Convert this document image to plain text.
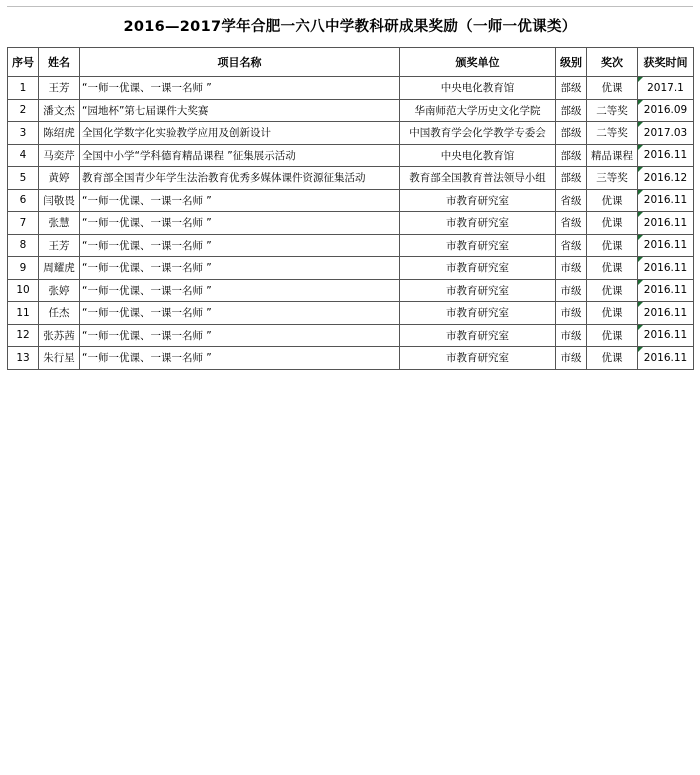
2016—2017学年合肥一六八中学教科研成果奖励（一师一优课类）
序号	姓名	项目名称	颁奖单位	级别	奖次	获奖时间
1	王芳	“一师一优课、一课一名师 ”	中央电化教育馆	部级	优课	2017.1
2	潘文杰	“园地杯”第七届课件大奖赛	华南师范大学历史文化学院	部级	二等奖	2016.09
3	陈绍虎	全国化学数字化实验教学应用及创新设计	中国教育学会化学教学专委会	部级	二等奖	2017.03
4	马奕芹	全国中小学“学科德育精品课程 ”征集展示活动	中央电化教育馆	部级	精品课程	2016.11
5	黄婷	教育部全国青少年学生法治教育优秀多媒体课件资源征集活动	教育部全国教育普法领导小组	部级	三等奖	2016.12
6	闫敬畏	“一师一优课、一课一名师 ”	市教育研究室	省级	优课	2016.11
7	张慧	“一师一优课、一课一名师 ”	市教育研究室	省级	优课	2016.11
8	王芳	“一师一优课、一课一名师 ”	市教育研究室	省级	优课	2016.11
9	周耀虎	“一师一优课、一课一名师 ”	市教育研究室	市级	优课	2016.11
10	张婷	“一师一优课、一课一名师 ”	市教育研究室	市级	优课	2016.11
11	任杰	“一师一优课、一课一名师 ”	市教育研究室	市级	优课	2016.11
12	张苏茜	“一师一优课、一课一名师 ”	市教育研究室	市级	优课	2016.11
13	朱行星	“一师一优课、一课一名师 ”	市教育研究室	市级	优课	2016.11
